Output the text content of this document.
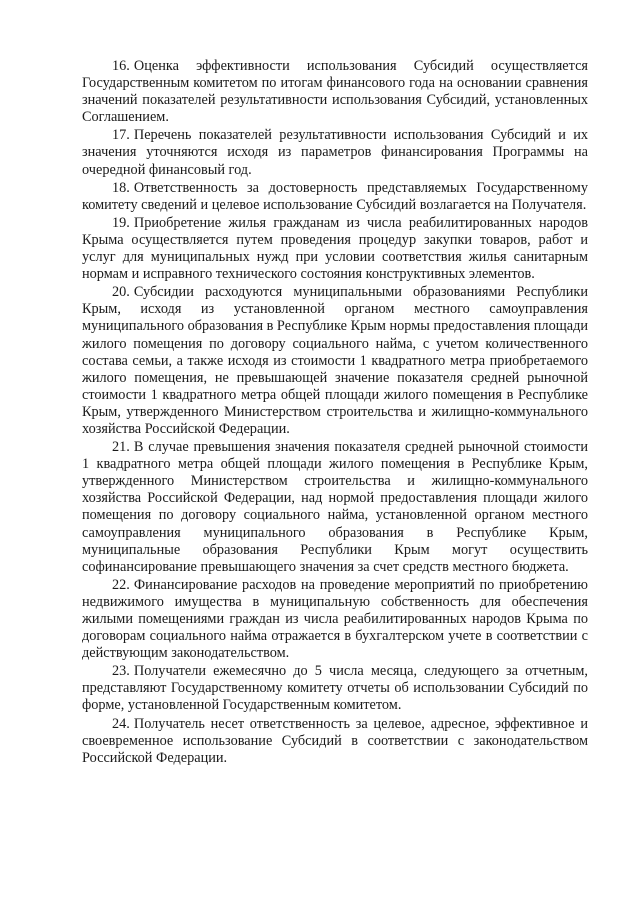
16. Оценка эффективности использования Субсидий осуществляется Государственным комитетом по итогам финансового года на основании сравнения значений показателей результативности использования Субсидий, установленных Соглашением.

17. Перечень показателей результативности использования Субсидий и их значения уточняются исходя из параметров финансирования Программы на очередной финансовый год.

18. Ответственность за достоверность представляемых Государственному комитету сведений и целевое использование Субсидий возлагается на Получателя.

19. Приобретение жилья гражданам из числа реабилитированных народов Крыма осуществляется путем проведения процедур закупки товаров, работ и услуг для муниципальных нужд при условии соответствия жилья санитарным нормам и исправного технического состояния конструктивных элементов.

20. Субсидии расходуются муниципальными образованиями Республики Крым, исходя из установленной органом местного самоуправления муниципального образования в Республике Крым нормы предоставления площади жилого помещения по договору социального найма, с учетом количественного состава семьи, а также исходя из стоимости 1 квадратного метра приобретаемого жилого помещения, не превышающей значение показателя средней рыночной стоимости 1 квадратного метра общей площади жилого помещения в Республике Крым, утвержденного Министерством строительства и жилищно-коммунального хозяйства Российской Федерации.

21. В случае превышения значения показателя средней рыночной стоимости 1 квадратного метра общей площади жилого помещения в Республике Крым, утвержденного Министерством строительства и жилищно-коммунального хозяйства Российской Федерации, над нормой предоставления площади жилого помещения по договору социального найма, установленной органом местного самоуправления муниципального образования в Республике Крым, муниципальные образования Республики Крым могут осуществить софинансирование превышающего значения за счет средств местного бюджета.

22. Финансирование расходов на проведение мероприятий по приобретению недвижимого имущества в муниципальную собственность для обеспечения жилыми помещениями граждан из числа реабилитированных народов Крыма по договорам социального найма отражается в бухгалтерском учете в соответствии с действующим законодательством.

23. Получатели ежемесячно до 5 числа месяца, следующего за отчетным, представляют Государственному комитету отчеты об использовании Субсидий по форме, установленной Государственным комитетом.

24. Получатель несет ответственность за целевое, адресное, эффективное и своевременное использование Субсидий в соответствии с законодательством Российской Федерации.
